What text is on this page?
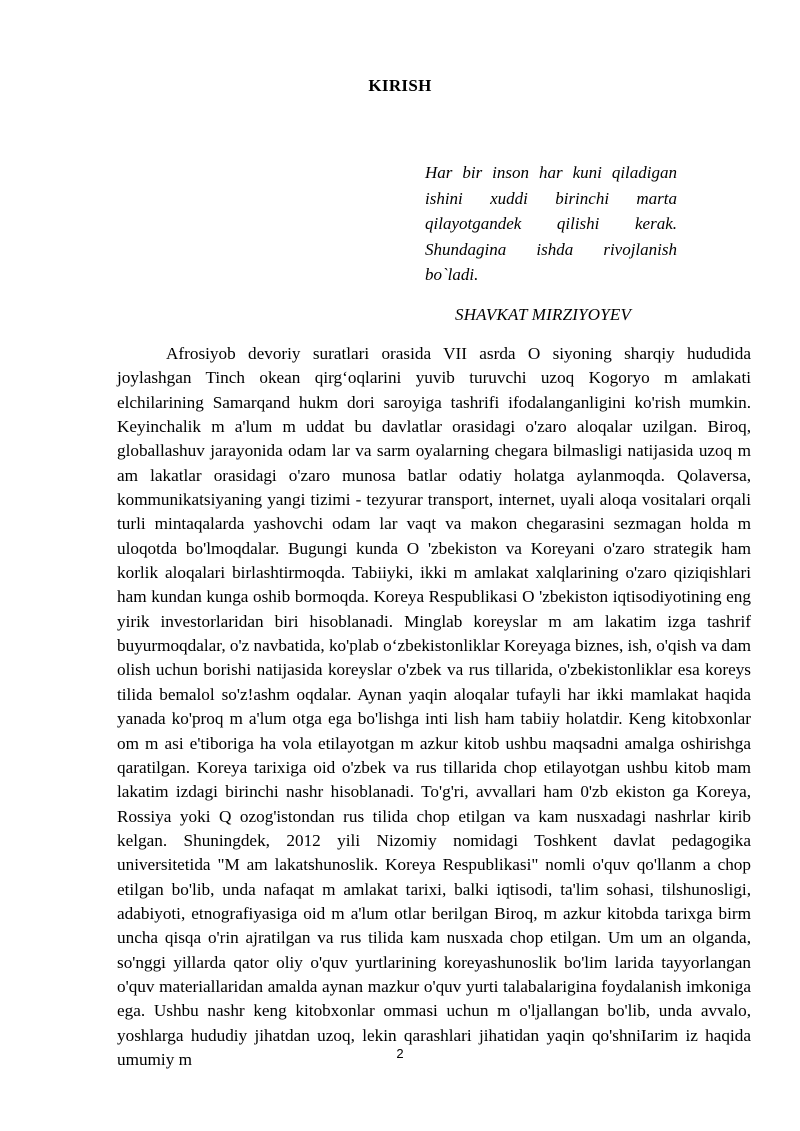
KIRISH
Har bir inson har kuni qiladigan ishini xuddi birinchi marta qilayotgandek qilishi kerak. Shundagina ishda rivojlanish bo`ladi.
SHAVKAT MIRZIYOYEV

Afrosiyob devoriy suratlari orasida VII asrda O siyoning sharqiy hududida joylashgan Tinch okean qirg‘oqlarini yuvib turuvchi uzoq Kogoryo m amlakati elchilarining Samarqand hukm dori saroyiga tashrifi ifodalanganligini ko'rish mumkin. Keyinchalik m a'lum m uddat bu davlatlar orasidagi o'zaro aloqalar uzilgan. Biroq, globallashuv jarayonida odam lar va sarm oyalarning chegara bilmasligi natijasida uzoq m am lakatlar orasidagi o'zaro munosa batlar odatiy holatga aylanmoqda. Qolaversa, kommunikatsiyaning yangi tizimi - tezyurar transport, internet, uyali aloqa vositalari orqali turli mintaqalarda yashovchi odam lar vaqt va makon chegarasini sezmagan holda m uloqotda bo'lmoqdalar. Bugungi kunda O 'zbekiston va Koreyani o'zaro strategik ham korlik aloqalari birlashtirmoqda. Tabiiyki, ikki m amlakat xalqlarining o'zaro qiziqishlari ham kundan kunga oshib bormoqda. Koreya Respublikasi O 'zbekiston iqtisodiyotining eng yirik investorlaridan biri hisoblanadi. Minglab koreyslar m am lakatim izga tashrif buyurmoqdalar, o'z navbatida, ko'plab o‘zbekistonliklar Koreyaga biznes, ish, o'qish va dam olish uchun borishi natijasida koreyslar o'zbek va rus tillarida, o'zbekistonliklar esa koreys tilida bemalol so'z!ashm oqdalar. Aynan yaqin aloqalar tufayli har ikki mamlakat haqida yanada ko'proq m a'lum otga ega bo'lishga inti lish ham tabiiy holatdir. Keng kitobxonlar om m asi e'tiboriga ha vola etilayotgan m azkur kitob ushbu maqsadni amalga oshirishga qaratilgan. Koreya tarixiga oid o'zbek va rus tillarida chop etilayotgan ushbu kitob mam lakatim izdagi birinchi nashr hisoblanadi. To'g'ri, avvallari ham 0'zb ekiston ga Koreya, Rossiya yoki Q ozog'istondan rus tilida chop etilgan va kam nusxadagi nashrlar kirib kelgan. Shuningdek, 2012 yili Nizomiy nomidagi Toshkent davlat pedagogika universitetida "M am lakatshunoslik. Koreya Respublikasi" nomli o'quv qo'llanm a chop etilgan bo'lib, unda nafaqat m amlakat tarixi, balki iqtisodi, ta'lim sohasi, tilshunosligi, adabiyoti, etnografiyasiga oid m a'lum otlar berilgan Biroq, m azkur kitobda tarixga birm uncha qisqa o'rin ajratilgan va rus tilida kam nusxada chop etilgan. Um um an olganda, so'nggi yillarda qator oliy o'quv yurtlarining koreyashunoslik bo'lim larida tayyorlangan o'quv materiallaridan amalda aynan mazkur o'quv yurti talabalarigina foydalanish imkoniga ega. Ushbu nashr keng kitobxonlar ommasi uchun m o'ljallangan bo'lib, unda avvalo, yoshlarga hududiy jihatdan uzoq, lekin qarashlari jihatidan yaqin qo'shniIarim iz haqida umumiy m	2
